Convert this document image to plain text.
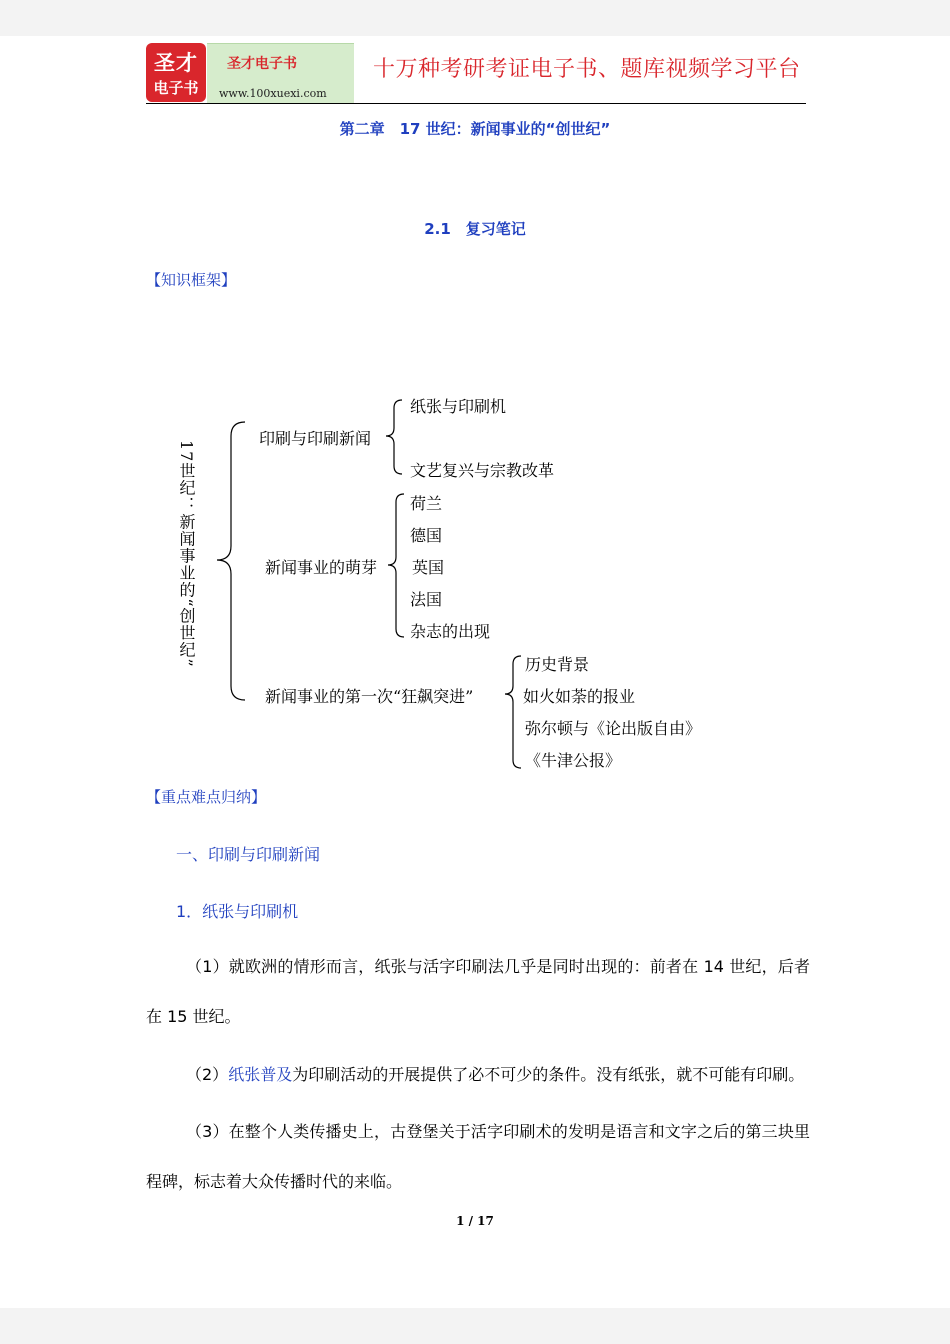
圣才
电子书
圣才电子书
www.100xuexi.com
十万种考研考证电子书、题库视频学习平台
第二章　17 世纪：新闻事业的“创世纪”
2.1　复习笔记
【知识框架】
17世纪：新闻事业的“创世纪”
印刷与印刷新闻
纸张与印刷机
文艺复兴与宗教改革
新闻事业的萌芽
荷兰
德国
英国
法国
杂志的出现
新闻事业的第一次“狂飙突进”
历史背景
如火如荼的报业
弥尔顿与《论出版自由》
《牛津公报》
【重点难点归纳】
一、印刷与印刷新闻
1．纸张与印刷机
（1）就欧洲的情形而言，纸张与活字印刷法几乎是同时出现的：前者在 14 世纪，后者在 15 世纪。
（2）纸张普及为印刷活动的开展提供了必不可少的条件。没有纸张，就不可能有印刷。
（3）在整个人类传播史上，古登堡关于活字印刷术的发明是语言和文字之后的第三块里程碑，标志着大众传播时代的来临。
1 / 17
